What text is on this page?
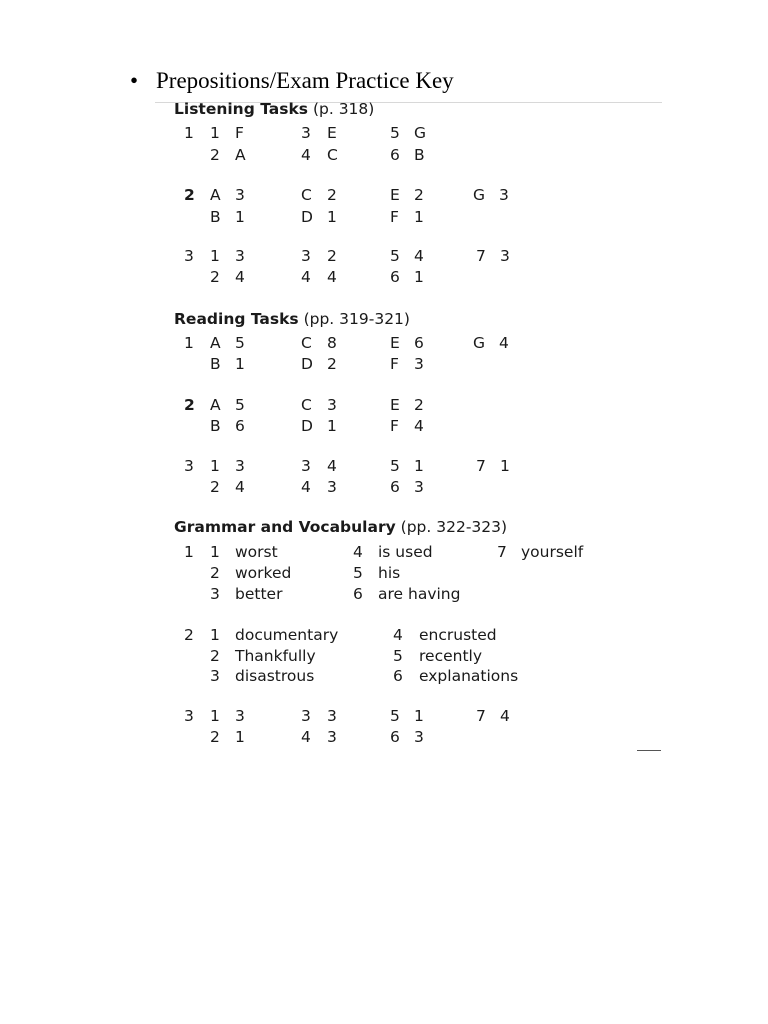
• Prepositions/Exam Practice Key
Listening Tasks (p. 318)
1 1 F	3 E	5 G
2 A	4 C	6 B
2 A 3	C 2	E 2	G 3
B 1	D 1	F 1
3 1 3	3 2	5 4	7 3
2 4	4 4	6 1
Reading Tasks (pp. 319-321)
1 A 5	C 8	E 6	G 4
B 1	D 2	F 3
2 A 5	C 3	E 2
B 6	D 1	F 4
3 1 3	3 4	5 1	7 1
2 4	4 3	6 3
Grammar and Vocabulary (pp. 322-323)
1 1 worst	4 is used	7 yourself
2 worked	5 his
3 better	6 are having
2 1 documentary	4 encrusted
2 Thankfully	5 recently
3 disastrous	6 explanations
3 1 3	3 3	5 1	7 4
2 1	4 3	6 3
